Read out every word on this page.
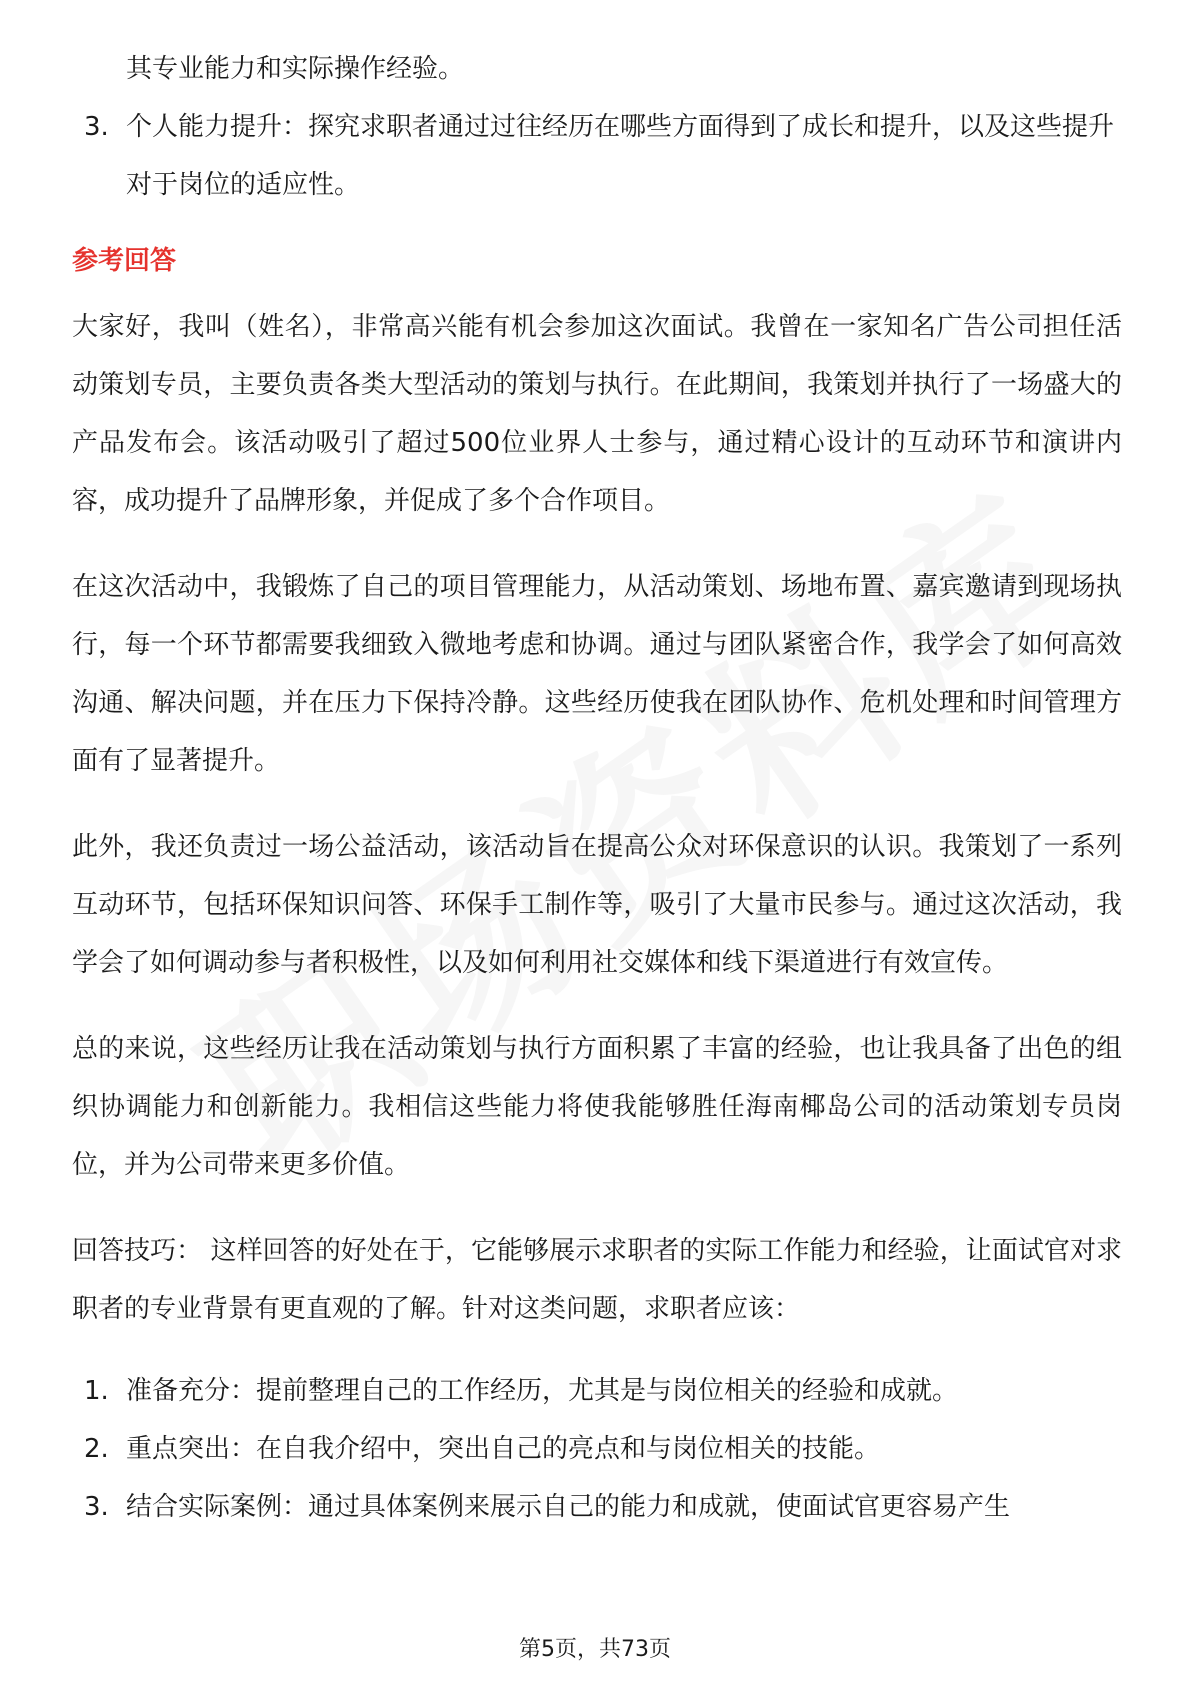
其专业能力和实际操作经验。
3. 个人能力提升：探究求职者通过过往经历在哪些方面得到了成长和提升，以及这些提升对于岗位的适应性。
参考回答

大家好，我叫（姓名），非常高兴能有机会参加这次面试。我曾在一家知名广告公司担任活动策划专员，主要负责各类大型活动的策划与执行。在此期间，我策划并执行了一场盛大的产品发布会。该活动吸引了超过500位业界人士参与，通过精心设计的互动环节和演讲内容，成功提升了品牌形象，并促成了多个合作项目。

在这次活动中，我锻炼了自己的项目管理能力，从活动策划、场地布置、嘉宾邀请到现场执行，每一个环节都需要我细致入微地考虑和协调。通过与团队紧密合作，我学会了如何高效沟通、解决问题，并在压力下保持冷静。这些经历使我在团队协作、危机处理和时间管理方面有了显著提升。

此外，我还负责过一场公益活动，该活动旨在提高公众对环保意识的认识。我策划了一系列互动环节，包括环保知识问答、环保手工制作等，吸引了大量市民参与。通过这次活动，我学会了如何调动参与者积极性，以及如何利用社交媒体和线下渠道进行有效宣传。

总的来说，这些经历让我在活动策划与执行方面积累了丰富的经验，也让我具备了出色的组织协调能力和创新能力。我相信这些能力将使我能够胜任海南椰岛公司的活动策划专员岗位，并为公司带来更多价值。

回答技巧： 这样回答的好处在于，它能够展示求职者的实际工作能力和经验，让面试官对求职者的专业背景有更直观的了解。针对这类问题，求职者应该：

1. 准备充分：提前整理自己的工作经历，尤其是与岗位相关的经验和成就。
2. 重点突出：在自我介绍中，突出自己的亮点和与岗位相关的技能。
3. 结合实际案例：通过具体案例来展示自己的能力和成就，使面试官更容易产生
第5页，共73页
